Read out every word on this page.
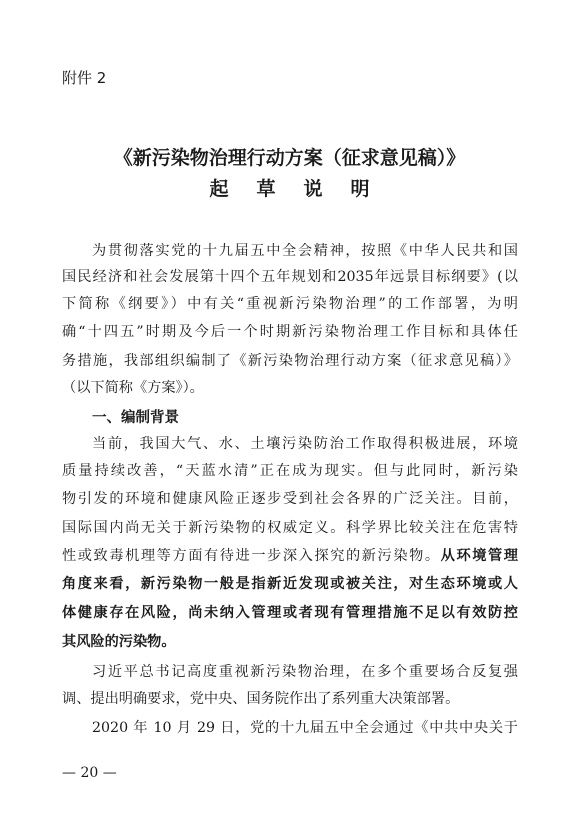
附件 2
《新污染物治理行动方案（征求意见稿）》
起草说明
为贯彻落实党的十九届五中全会精神，按照《中华人民共和国
国民经济和社会发展第十四个五年规划和2035年远景目标纲要》(以
下简称《纲要》）中有关“重视新污染物治理”的工作部署，为明
确“十四五”时期及今后一个时期新污染物治理工作目标和具体任
务措施，我部组织编制了《新污染物治理行动方案（征求意见稿）》
（以下简称《方案》）。
一、编制背景
当前，我国大气、水、土壤污染防治工作取得积极进展，环境
质量持续改善，“天蓝水清”正在成为现实。但与此同时，新污染
物引发的环境和健康风险正逐步受到社会各界的广泛关注。目前，
国际国内尚无关于新污染物的权威定义。科学界比较关注在危害特
性或致毒机理等方面有待进一步深入探究的新污染物。从环境管理
角度来看，新污染物一般是指新近发现或被关注，对生态环境或人
体健康存在风险，尚未纳入管理或者现有管理措施不足以有效防控
其风险的污染物。
习近平总书记高度重视新污染物治理，在多个重要场合反复强
调、提出明确要求，党中央、国务院作出了系列重大决策部署。
2020 年 10 月 29 日，党的十九届五中全会通过《中共中央关于
— 20 —
